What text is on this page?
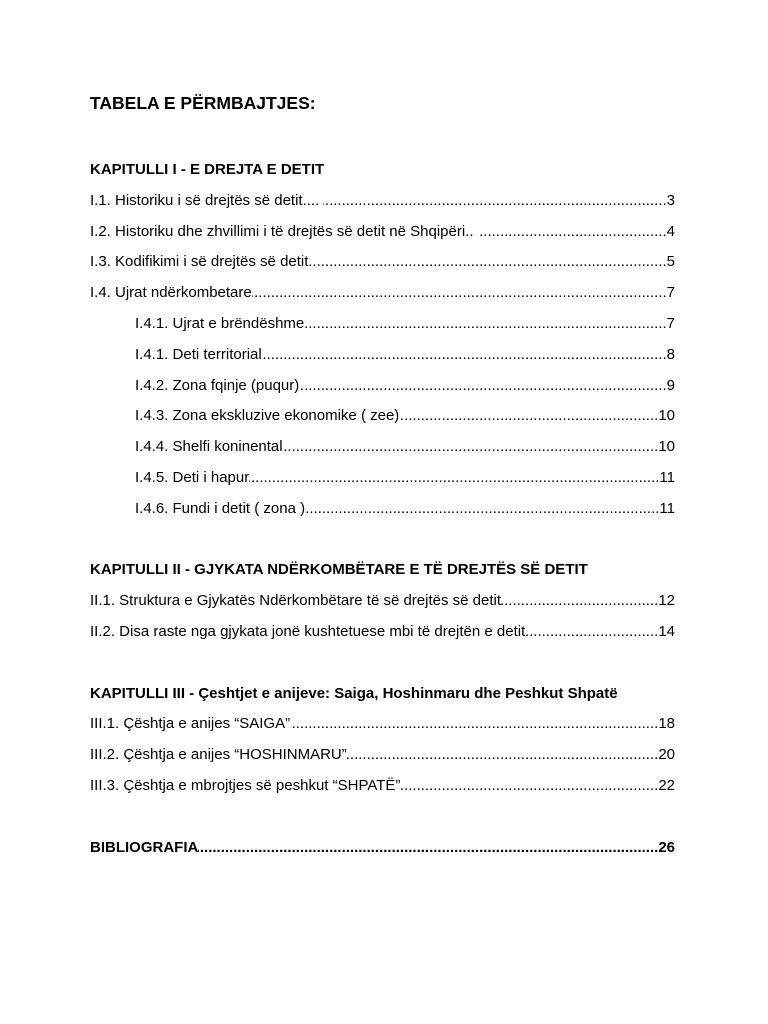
TABELA E PËRMBAJTJES:
KAPITULLI I - E DREJTA E DETIT
I.1. Historiku i së drejtës së detit.... .....	3
I.2. Historiku dhe zhvillimi i të drejtës së detit në Shqipëri.. .....	4
I.3. Kodifikimi i së drejtës së detit .....	5
I.4. Ujrat ndërkombetare .....	7
I.4.1. Ujrat e brëndëshme .....	7
I.4.1. Deti territorial .....	8
I.4.2. Zona fqinje (puqur) .....	9
I.4.3. Zona ekskluzive ekonomike ( zee) .....	10
I.4.4. Shelfi koninental .....	10
I.4.5. Deti i hapur .....	11
I.4.6. Fundi i detit ( zona ) .....	11
KAPITULLI II - GJYKATA NDËRKOMBËTARE E TË DREJTËS SË DETIT
II.1. Struktura e Gjykatës Ndërkombëtare të së drejtës së detit .....	12
II.2. Disa raste nga gjykata jonë kushtetuese mbi të drejtën e detit .....	14
KAPITULLI III - Çeshtjet e anijeve: Saiga, Hoshinmaru dhe Peshkut Shpatë
III.1. Çështja e anijes “SAIGA” .....	18
III.2. Çështja e anijes “HOSHINMARU” .....	20
III.3. Çështja e mbrojtjes së peshkut “SHPATË” .....	22
BIBLIOGRAFIA .....	26
